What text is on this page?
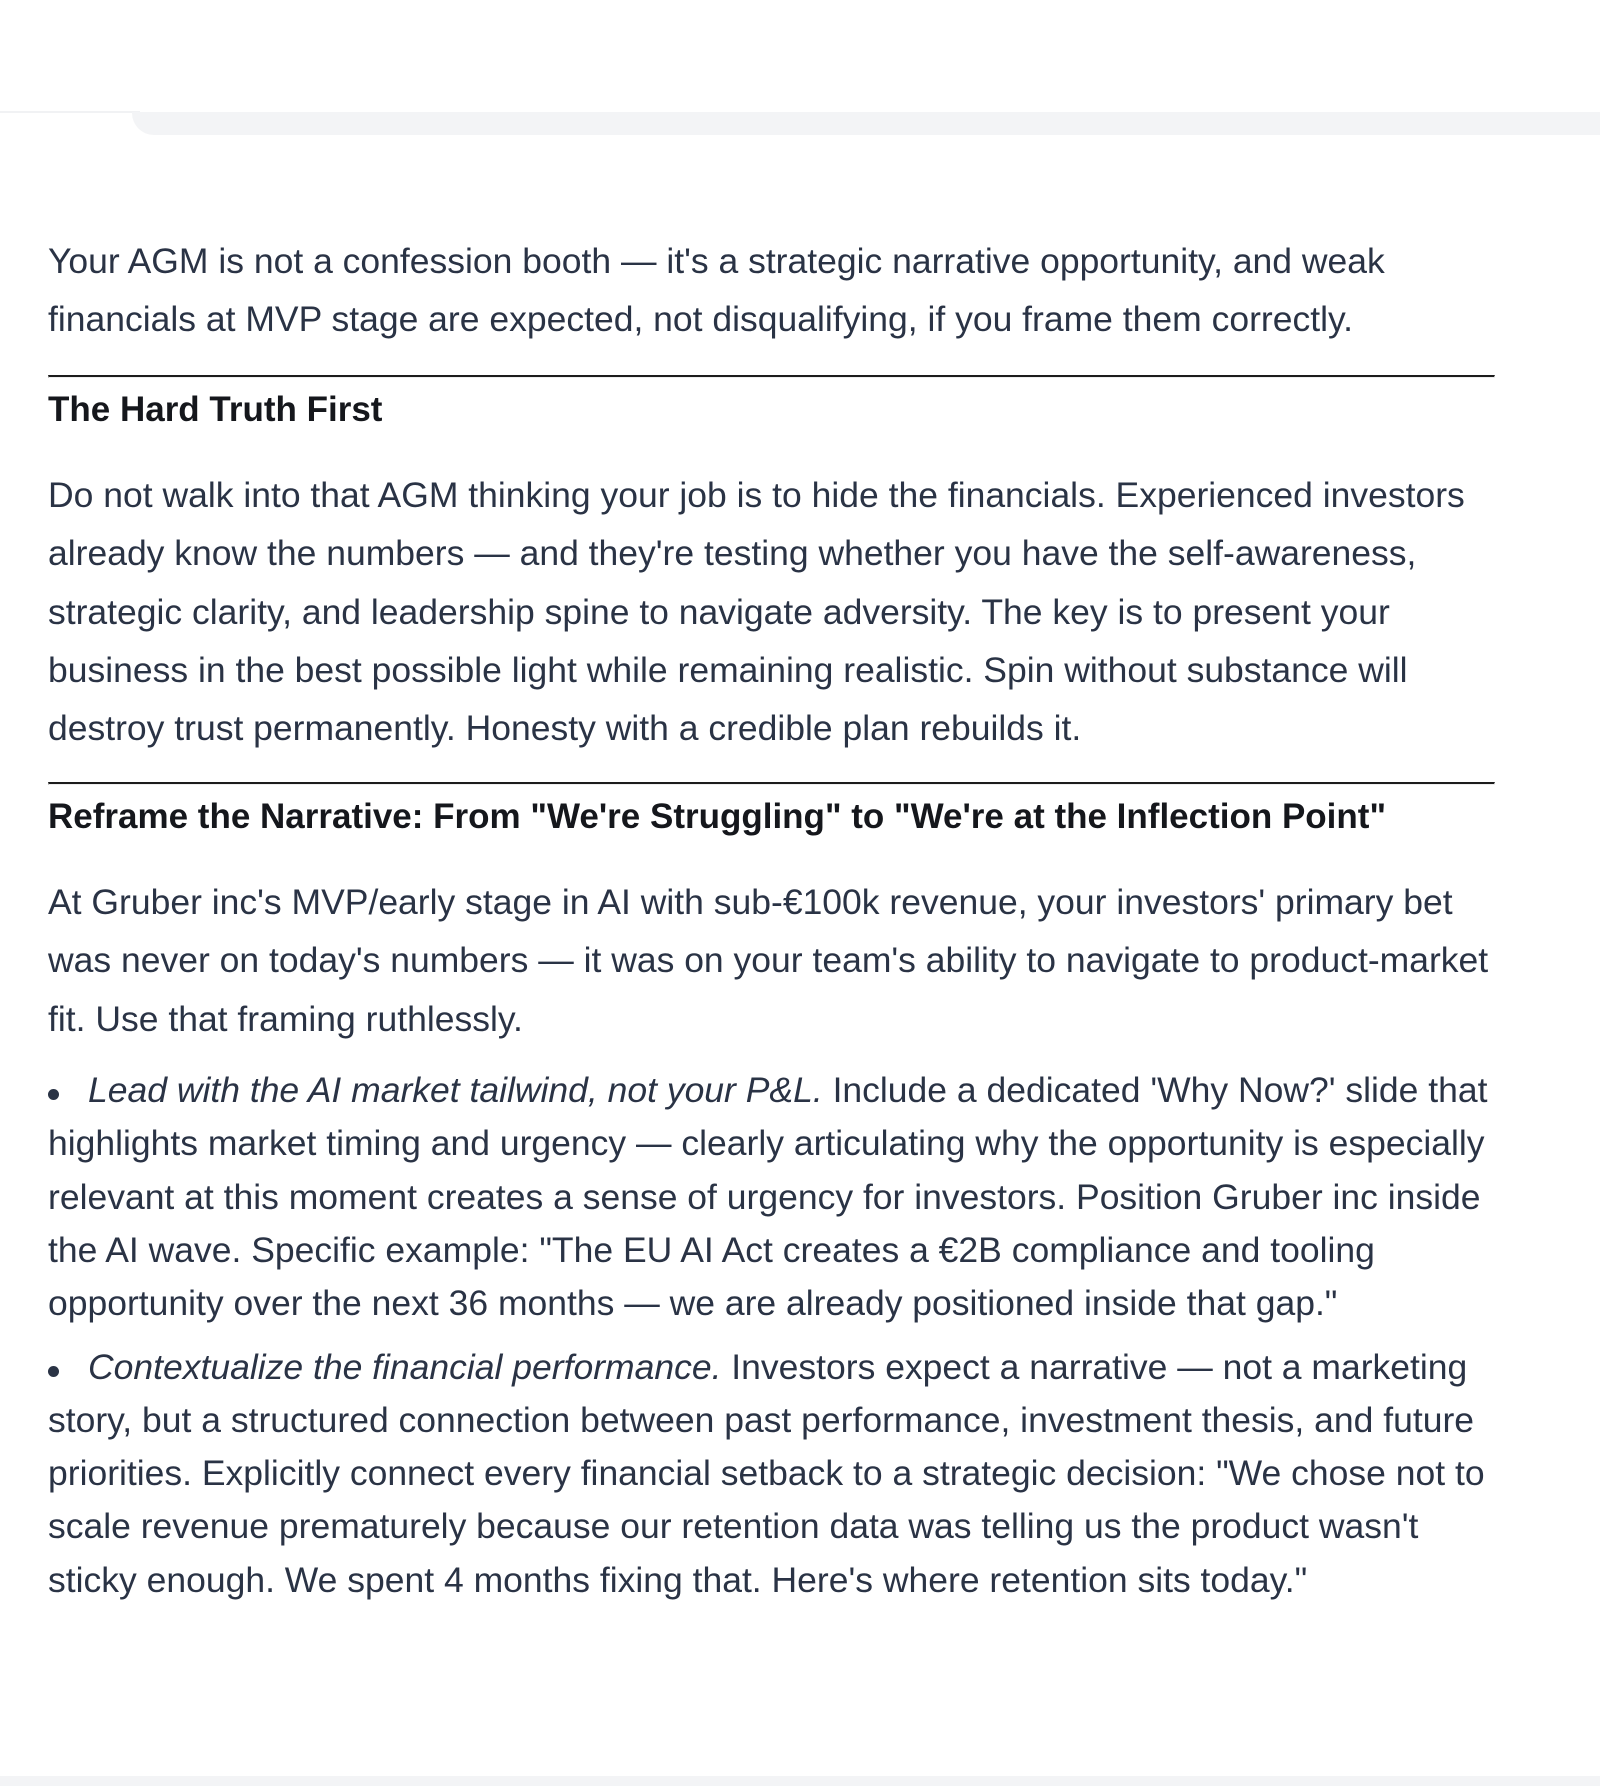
Your AGM is not a confession booth — it's a strategic narrative opportunity, and weak financials at MVP stage are expected, not disqualifying, if you frame them correctly.

The Hard Truth First

Do not walk into that AGM thinking your job is to hide the financials. Experienced investors already know the numbers — and they're testing whether you have the self-awareness, strategic clarity, and leadership spine to navigate adversity. The key is to present your business in the best possible light while remaining realistic. Spin without substance will destroy trust permanently. Honesty with a credible plan rebuilds it.

Reframe the Narrative: From "We're Struggling" to "We're at the Inflection Point"

At Gruber inc's MVP/early stage in AI with sub-€100k revenue, your investors' primary bet was never on today's numbers — it was on your team's ability to navigate to product-market fit. Use that framing ruthlessly.

Lead with the AI market tailwind, not your P&L. Include a dedicated 'Why Now?' slide that highlights market timing and urgency — clearly articulating why the opportunity is especially relevant at this moment creates a sense of urgency for investors. Position Gruber inc inside the AI wave. Specific example: "The EU AI Act creates a €2B compliance and tooling opportunity over the next 36 months — we are already positioned inside that gap."
Contextualize the financial performance. Investors expect a narrative — not a marketing story, but a structured connection between past performance, investment thesis, and future priorities. Explicitly connect every financial setback to a strategic decision: "We chose not to scale revenue prematurely because our retention data was telling us the product wasn't sticky enough. We spent 4 months fixing that. Here's where retention sits today."
